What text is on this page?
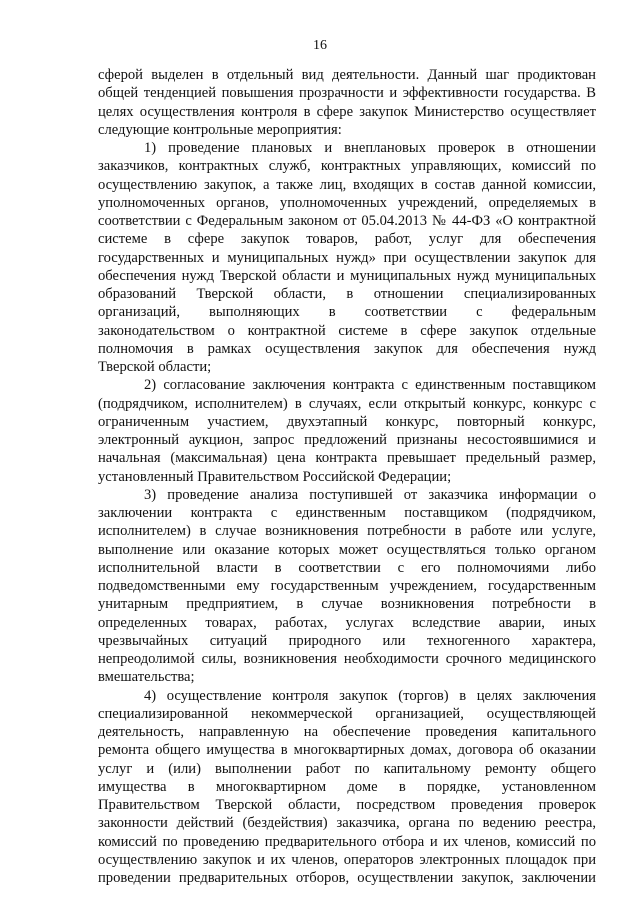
16
сферой выделен в отдельный вид деятельности. Данный шаг продиктован
общей тенденцией повышения прозрачности и эффективности государства. В
целях осуществления контроля в сфере закупок Министерство осуществляет
следующие контрольные мероприятия:
1) проведение плановых и внеплановых проверок в отношении
заказчиков, контрактных служб, контрактных управляющих, комиссий по
осуществлению закупок, а также лиц, входящих в состав данной комиссии,
уполномоченных органов, уполномоченных учреждений, определяемых в
соответствии с Федеральным законом от 05.04.2013 № 44-ФЗ «О контрактной
системе в сфере закупок товаров, работ, услуг для обеспечения
государственных и муниципальных нужд» при осуществлении закупок для
обеспечения нужд Тверской области и муниципальных нужд муниципальных
образований Тверской области, в отношении специализированных
организаций, выполняющих в соответствии с федеральным
законодательством о контрактной системе в сфере закупок отдельные
полномочия в рамках осуществления закупок для обеспечения нужд
Тверской области;
2) согласование заключения контракта с единственным поставщиком
(подрядчиком, исполнителем) в случаях, если открытый конкурс, конкурс с
ограниченным участием, двухэтапный конкурс, повторный конкурс,
электронный аукцион, запрос предложений признаны несостоявшимися и
начальная (максимальная) цена контракта превышает предельный размер,
установленный Правительством Российской Федерации;
3) проведение анализа поступившей от заказчика информации о
заключении контракта с единственным поставщиком (подрядчиком,
исполнителем) в случае возникновения потребности в работе или услуге,
выполнение или оказание которых может осуществляться только органом
исполнительной власти в соответствии с его полномочиями либо
подведомственными ему государственным учреждением, государственным
унитарным предприятием, в случае возникновения потребности в
определенных товарах, работах, услугах вследствие аварии, иных
чрезвычайных ситуаций природного или техногенного характера,
непреодолимой силы, возникновения необходимости срочного медицинского
вмешательства;
4) осуществление контроля закупок (торгов) в целях заключения
специализированной некоммерческой организацией, осуществляющей
деятельность, направленную на обеспечение проведения капитального
ремонта общего имущества в многоквартирных домах, договора об оказании
услуг и (или) выполнении работ по капитальному ремонту общего
имущества в многоквартирном доме в порядке, установленном
Правительством Тверской области, посредством проведения проверок
законности действий (бездействия) заказчика, органа по ведению реестра,
комиссий по проведению предварительного отбора и их членов, комиссий по
осуществлению закупок и их членов, операторов электронных площадок при
проведении предварительных отборов, осуществлении закупок, заключении
